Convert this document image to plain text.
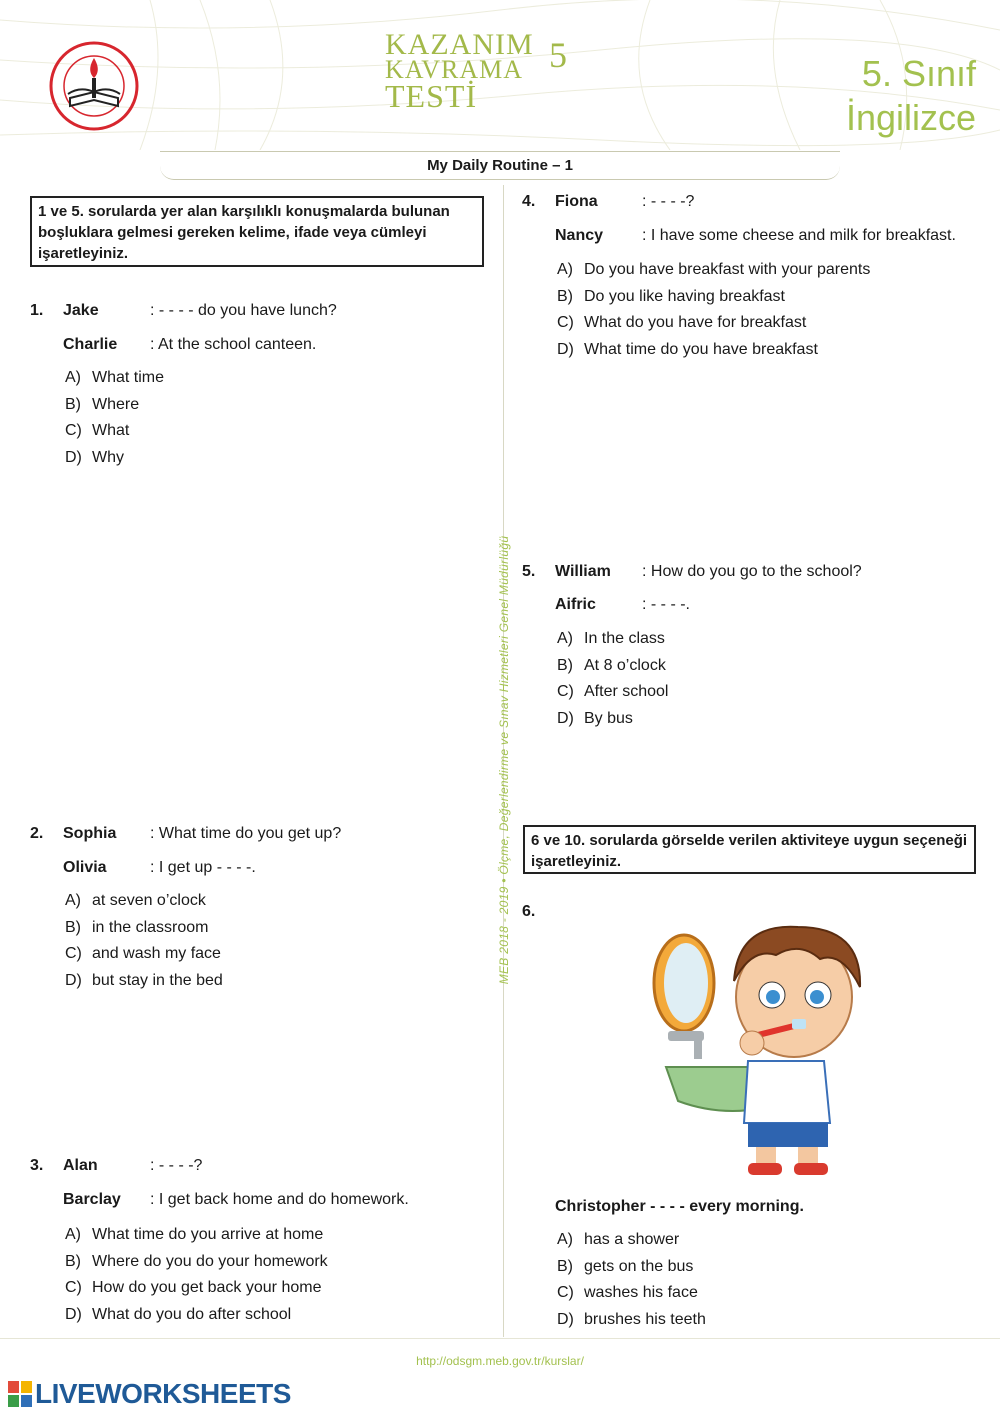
KAZANIM
KAVRAMA
TESTİ
5	5. Sınıf
İngilizce
My Daily Routine – 1
MEB 2018 - 2019 • Ölçme, Değerlendirme ve Sınav Hizmetleri Genel Müdürlüğü
1 ve 5. sorularda yer alan karşılıklı konuşmalarda bulunan boşluklara gelmesi gereken kelime, ifade veya cümleyi işaretleyiniz.
1. Jake	: - - - - do you have lunch?
Charlie : At the school canteen.
A) What time
B) Where
C) What
D) Why
2. Sophia : What time do you get up?
Olivia	: I get up - - - -.
A) at seven o’clock
B) in the classroom
C) and wash my face
D) but stay in the bed
3. Alan	: - - - -?
Barclay : I get back home and do homework.
A) What time do you arrive at home
B) Where do you do your homework
C) How do you get back your home
D) What do you do after school
4. Fiona	: - - - -?
Nancy : I have some cheese and milk for breakfast.
A) Do you have breakfast with your parents
B) Do you like having breakfast
C) What do you have for breakfast
D) What time do you have breakfast
5. William : How do you go to the school?
Aifric	: - - - -.
A) In the class
B) At 8 o’clock
C) After school
D) By bus
6 ve 10. sorularda görselde verilen aktiviteye uygun seçeneği işaretleyiniz.
6.
Christopher - - - - every morning.
A) has a shower
B) gets on the bus
C) washes his face
D) brushes his teeth
http://odsgm.meb.gov.tr/kurslar/
LIVEWORKSHEETS
